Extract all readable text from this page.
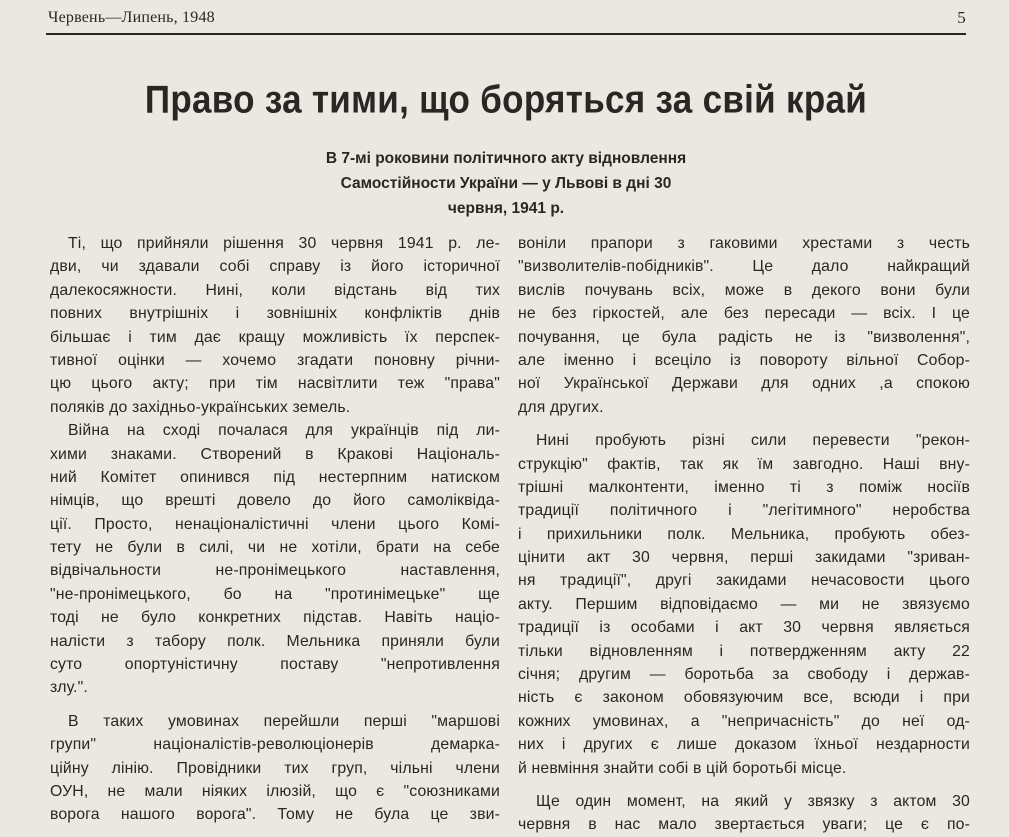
Червень—Липень, 1948	5
Право за тими, що боряться за свій край
В 7-мі роковини політичного акту відновлення
Самостійности України — у Львові в дні 30
червня, 1941 р.
Ті, що прийняли рішення 30 червня 1941 р. ле-
дви, чи здавали собі справу із його історичної
далекосяжности. Нині, коли відстань від тих
повних внутрішніх і зовнішніх конфліктів днів
більшає і тим дає кращу можливість їх перспек-
тивної оцінки — хочемо згадати поновну річни-
цю цього акту; при тім насвітлити теж "права"
поляків до західньо-українських земель.
Війна на сході почалася для українців під ли-
хими знаками. Створений в Кракові Національ-
ний Комітет опинився під нестерпним натиском
німців, що врешті довело до його самоліквіда-
ції. Просто, ненаціоналістичні члени цього Комі-
тету не були в силі, чи не хотіли, брати на себе
відвічальности не-пронімецького наставлення,
"не-пронімецького, бо на "протинімецьке" ще
тоді не було конкретних підстав. Навіть націо-
налісти з табору полк. Мельника приняли були
суто опортуністичну поставу "непротивлення
злу.".
В таких умовинах перейшли перші "маршові
групи" націоналістів-революціонерів демарка-
ційну лінію. Провідники тих груп, чільні члени
ОУН, не мали ніяких ілюзій, що є "союзниками
ворога нашого ворога". Тому не була це зви-
воніли прапори з гаковими хрестами з честь
"визволителів-побідників". Це дало найкращий
вислів почувань всіх, може в декого вони були
не без гіркостей, але без пересади — всіх. І це
почування, це була радість не із "визволення",
але іменно і всеціло із повороту вільної Собор-
ної Української Держави для одних ,а спокою
для других.
Нині пробують різні сили перевести "рекон-
струкцію" фактів, так як їм завгодно. Наші вну-
трішні малконтенти, іменно ті з поміж носіїв
традиції політичного і "легітимного" неробства
і прихильники полк. Мельника, пробують обез-
цінити акт 30 червня, перші закидами "зриван-
ня традиції", другі закидами нечасовости цього
акту. Першим відповідаємо — ми не звязуємо
традиції із особами і акт 30 червня являється
тільки відновленням і потвердженням акту 22
січня; другим — боротьба за свободу і держав-
ність є законом обовязуючим все, всюди і при
кожних умовинах, а "непричасність" до неї од-
них і других є лише доказом їхньої нездарности
й невміння знайти собі в цій боротьбі місце.
Ще один момент, на який у звязку з актом 30
червня в нас мало звертається уваги; це є по-
